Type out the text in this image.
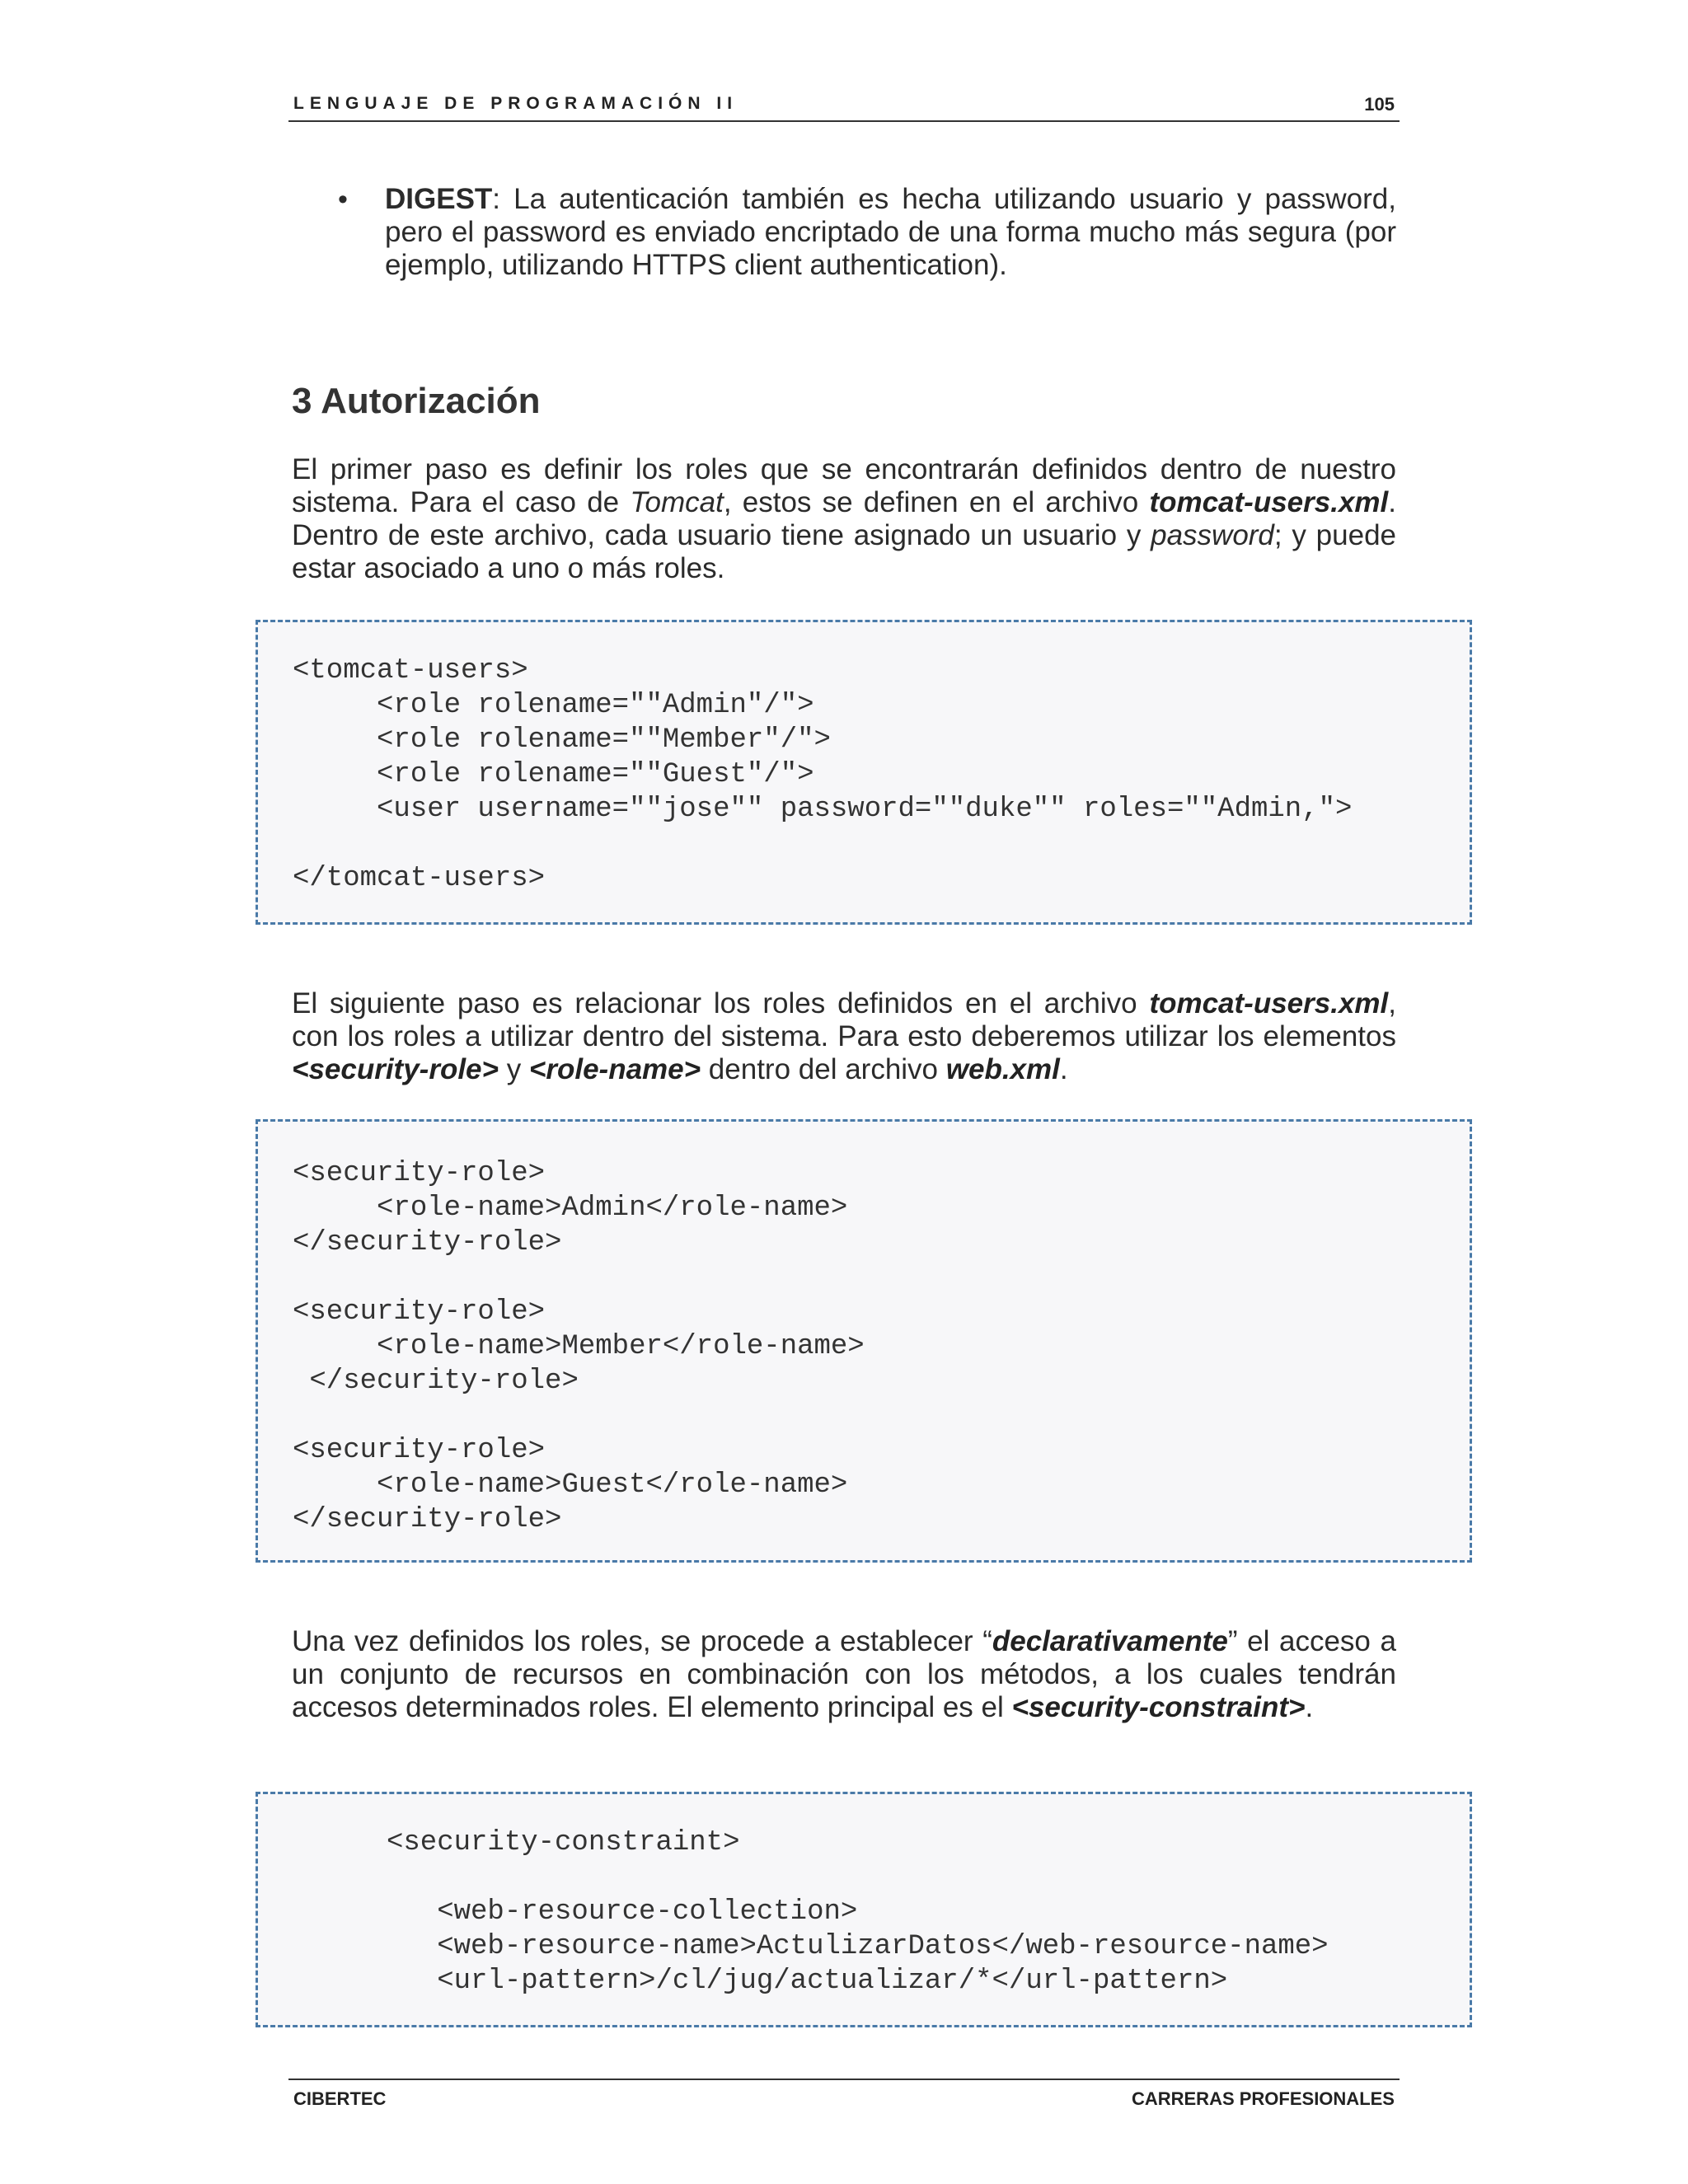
LENGUAJE DE PROGRAMACIÓN II	105
• DIGEST: La autenticación también es hecha utilizando usuario y password, pero el password es enviado encriptado de una forma mucho más segura (por ejemplo, utilizando HTTPS client authentication).
3 Autorización
El primer paso es definir los roles que se encontrarán definidos dentro de nuestro sistema. Para el caso de Tomcat, estos se definen en el archivo tomcat-users.xml. Dentro de este archivo, cada usuario tiene asignado un usuario y password; y puede estar asociado a uno o más roles.
<tomcat-users>
<role rolename=""Admin"/">
<role rolename=""Member"/">
<role rolename=""Guest"/">
<user username=""jose"" password=""duke"" roles=""Admin,">
</tomcat-users>
El siguiente paso es relacionar los roles definidos en el archivo tomcat-users.xml, con los roles a utilizar dentro del sistema. Para esto deberemos utilizar los elementos <security-role> y <role-name> dentro del archivo web.xml.
<security-role>
<role-name>Admin</role-name>
</security-role>
<security-role>
<role-name>Member</role-name>
</security-role>
<security-role>
<role-name>Guest</role-name>
</security-role>
Una vez definidos los roles, se procede a establecer “declarativamente” el acceso a un conjunto de recursos en combinación con los métodos, a los cuales tendrán accesos determinados roles. El elemento principal es el <security-constraint>.
<security-constraint>
<web-resource-collection>
<web-resource-name>ActulizarDatos</web-resource-name>
<url-pattern>/cl/jug/actualizar/*</url-pattern>
CIBERTEC	CARRERAS PROFESIONALES
